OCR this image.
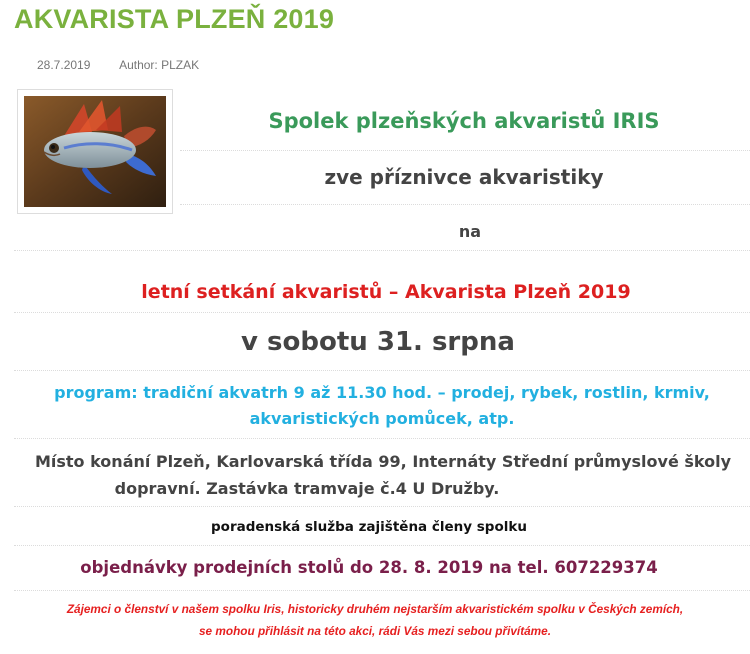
AKVARISTA PLZEŇ 2019
28.7.2019 Author: PLZAK
Spolek plzeňských akvaristů IRIS
zve příznivce akvaristiky
na
letní setkání akvaristů – Akvarista Plzeň 2019
v sobotu 31. srpna
program: tradiční akvatrh 9 až 11.30 hod. – prodej, rybek, rostlin, krmiv,
akvaristických pomůcek, atp.
Místo konání Plzeň, Karlovarská třída 99, Internáty Střední průmyslové školy
dopravní. Zastávka tramvaje č.4 U Družby.
poradenská služba zajištěna členy spolku
objednávky prodejních stolů do 28. 8. 2019 na tel. 607229374
Zájemci o členství v našem spolku Iris, historicky druhém nejstarším akvaristickém spolku v Českých zemích,
se mohou přihlásit na této akci, rádi Vás mezi sebou přivítáme.
